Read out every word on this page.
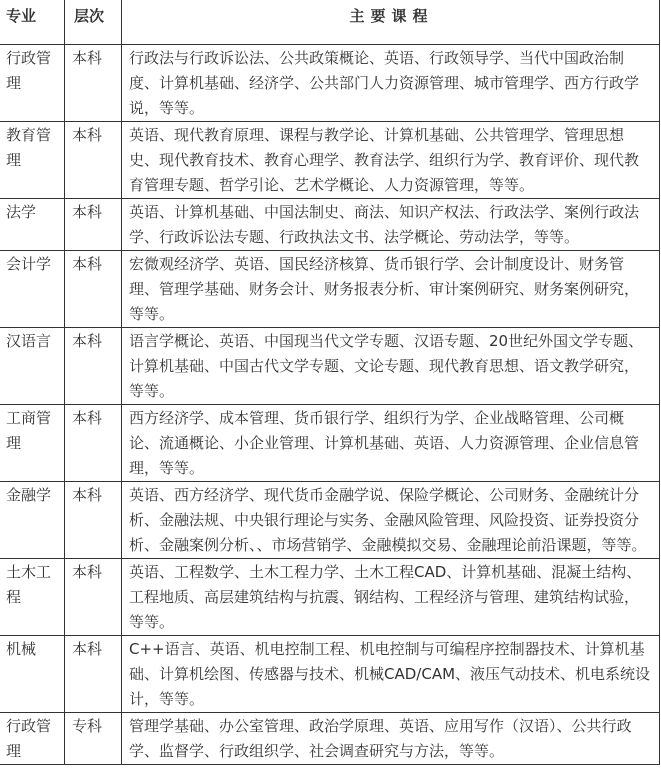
专业	层次	主要课程
行政管理	本科	行政法与行政诉讼法、公共政策概论、英语、行政领导学、当代中国政治制度、计算机基础、经济学、公共部门人力资源管理、城市管理学、西方行政学说，等等。
教育管理	本科	英语、现代教育原理、课程与教学论、计算机基础、公共管理学、管理思想史、现代教育技术、教育心理学、教育法学、组织行为学、教育评价、现代教育管理专题、哲学引论、艺术学概论、人力资源管理，等等。
法学	本科	英语、计算机基础、中国法制史、商法、知识产权法、行政法学、案例行政法学、行政诉讼法专题、行政执法文书、法学概论、劳动法学，等等。
会计学	本科	宏微观经济学、英语、国民经济核算、货币银行学、会计制度设计、财务管理、管理学基础、财务会计、财务报表分析、审计案例研究、财务案例研究，等等。
汉语言	本科	语言学概论、英语、中国现当代文学专题、汉语专题、20世纪外国文学专题、计算机基础、中国古代文学专题、文论专题、现代教育思想、语文教学研究，等等。
工商管理	本科	西方经济学、成本管理、货币银行学、组织行为学、企业战略管理、公司概论、流通概论、小企业管理、计算机基础、英语、人力资源管理、企业信息管理，等等。
金融学	本科	英语、西方经济学、现代货币金融学说、保险学概论、公司财务、金融统计分析、金融法规、中央银行理论与实务、金融风险管理、风险投资、证券投资分析、金融案例分析、、市场营销学、金融模拟交易、金融理论前沿课题，等等。
土木工程	本科	英语、工程数学、土木工程力学、土木工程CAD、计算机基础、混凝土结构、工程地质、高层建筑结构与抗震、钢结构、工程经济与管理、建筑结构试验，等等。
机械	本科	C++语言、英语、机电控制工程、机电控制与可编程序控制器技术、计算机基础、计算机绘图、传感器与技术、机械CAD/CAM、液压气动技术、机电系统设计，等等。
行政管理	专科	管理学基础、办公室管理、政治学原理、英语、应用写作（汉语）、公共行政学、监督学、行政组织学、社会调查研究与方法，等等。
